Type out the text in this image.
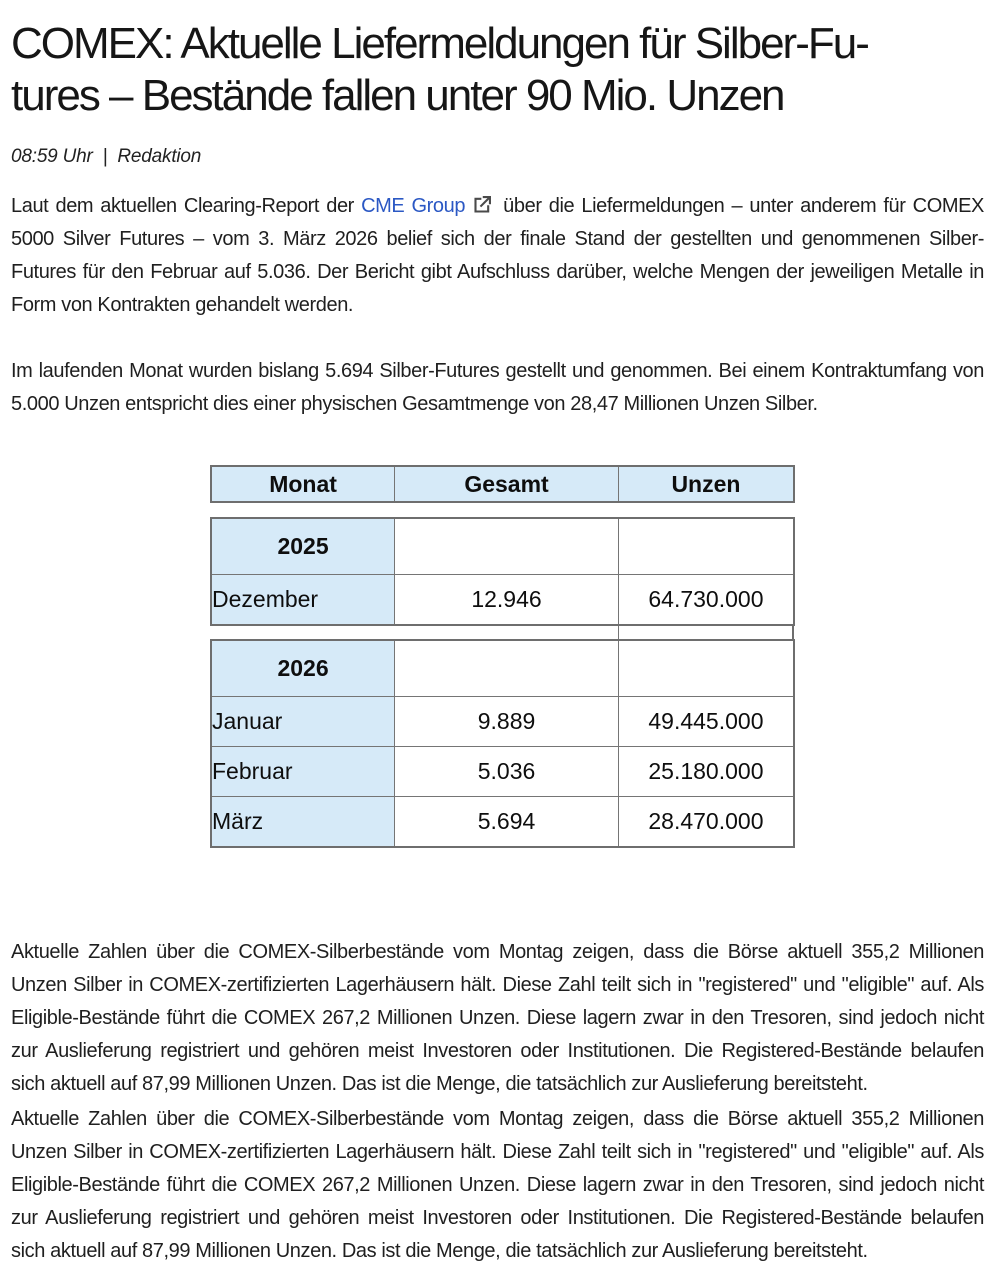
COMEX: Aktuelle Liefermeldungen für Silber-Fu-
tures – Bestände fallen unter 90 Mio. Unzen
08:59 Uhr | Redaktion

Laut dem aktuellen Clearing-Report der CME Group
über die Liefermeldungen – unter anderem für COMEX 5000 Silver Futures – vom 3. März 2026 belief sich der finale Stand der gestellten und genommenen Silber-Futures für den Februar auf 5.036. Der Bericht gibt Aufschluss darüber, welche Mengen der jeweiligen Metalle in Form von Kontrakten gehandelt werden.

Im laufenden Monat wurden bislang 5.694 Silber-Futures gestellt und genommen. Bei einem Kontraktumfang von 5.000 Unzen entspricht dies einer physischen Gesamtmenge von 28,47 Millionen Unzen Silber.

Monat	Gesamt	Unzen
2025		
Dezember	12.946	64.730.000
2026		
Januar	9.889	49.445.000
Februar	5.036	25.180.000
März	5.694	28.470.000

Aktuelle Zahlen über die COMEX-Silberbestände vom Montag zeigen, dass die Börse aktuell 355,2 Millionen Unzen Silber in COMEX-zertifizierten Lagerhäusern hält. Diese Zahl teilt sich in "registered" und "eligible" auf. Als Eligible-Bestände führt die COMEX 267,2 Millionen Unzen. Diese lagern zwar in den Tresoren, sind jedoch nicht zur Auslieferung registriert und gehören meist Investoren oder Institutionen. Die Registered-Bestände belaufen sich aktuell auf 87,99 Millionen Unzen. Das ist die Menge, die tatsächlich zur Auslieferung bereitsteht.

Aktuelle Zahlen über die COMEX-Silberbestände vom Montag zeigen, dass die Börse aktuell 355,2 Millionen Unzen Silber in COMEX-zertifizierten Lagerhäusern hält. Diese Zahl teilt sich in "registered" und "eligible" auf. Als Eligible-Bestände führt die COMEX 267,2 Millionen Unzen. Diese lagern zwar in den Tresoren, sind jedoch nicht zur Auslieferung registriert und gehören meist Investoren oder Institutionen. Die Registered-Bestände belaufen sich aktuell auf 87,99 Millionen Unzen. Das ist die Menge, die tatsächlich zur Auslieferung bereitsteht.
